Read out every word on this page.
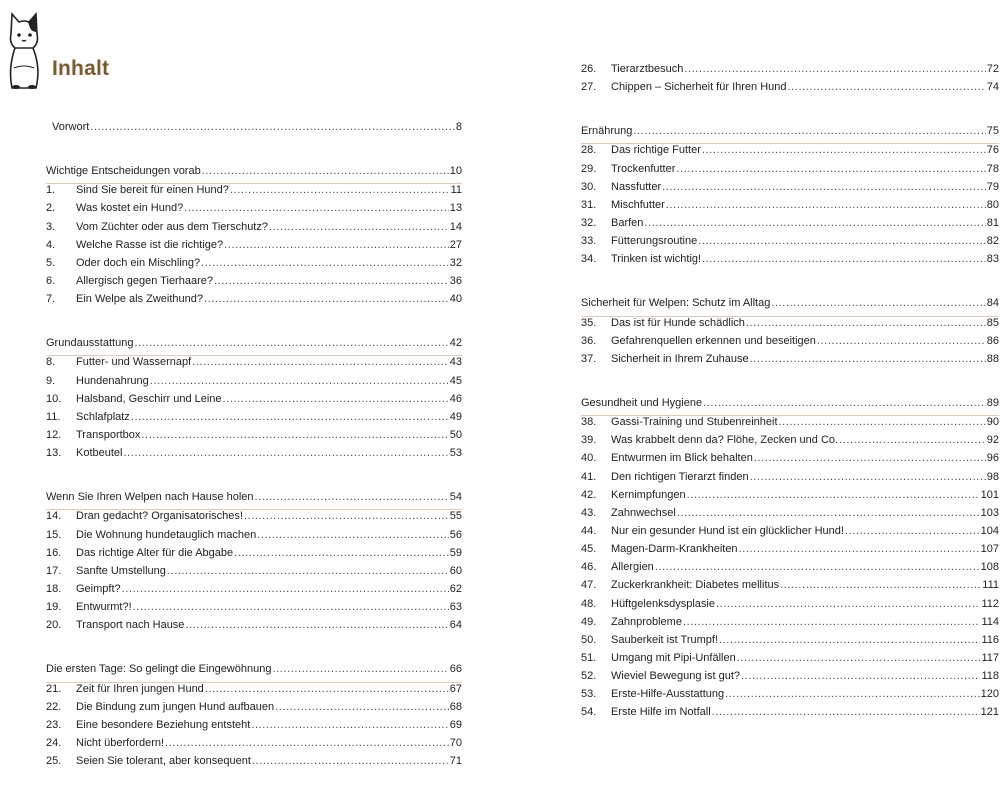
Inhalt
Vorwort .....	8
Wichtige Entscheidungen vorab .....	10
1.	Sind Sie bereit für einen Hund? .....	11
2.	Was kostet ein Hund? .....	13
3.	Vom Züchter oder aus dem Tierschutz? .....	14
4.	Welche Rasse ist die richtige? .....	27
5.	Oder doch ein Mischling? .....	32
6.	Allergisch gegen Tierhaare? .....	36
7.	Ein Welpe als Zweithund? .....	40
Grundausstattung .....	42
8.	Futter- und Wassernapf .....	43
9.	Hundenahrung .....	45
10.	Halsband, Geschirr und Leine .....	46
11.	Schlafplatz .....	49
12.	Transportbox .....	50
13.	Kotbeutel .....	53
Wenn Sie Ihren Welpen nach Hause holen .....	54
14.	Dran gedacht? Organisatorisches! .....	55
15.	Die Wohnung hundetauglich machen .....	56
16.	Das richtige Alter für die Abgabe .....	59
17.	Sanfte Umstellung .....	60
18.	Geimpft? .....	62
19.	Entwurmt?! .....	63
20.	Transport nach Hause .....	64
Die ersten Tage: So gelingt die Eingewöhnung .....	66
21.	Zeit für Ihren jungen Hund .....	67
22.	Die Bindung zum jungen Hund aufbauen .....	68
23.	Eine besondere Beziehung entsteht .....	69
24.	Nicht überfordern! .....	70
25.	Seien Sie tolerant, aber konsequent .....	71
26.	Tierarztbesuch .....	72
27.	Chippen – Sicherheit für Ihren Hund .....	74
Ernährung .....	75
28.	Das richtige Futter .....	76
29.	Trockenfutter .....	78
30.	Nassfutter .....	79
31.	Mischfutter .....	80
32.	Barfen .....	81
33.	Fütterungsroutine .....	82
34.	Trinken ist wichtig! .....	83
Sicherheit für Welpen: Schutz im Alltag .....	84
35.	Das ist für Hunde schädlich .....	85
36.	Gefahrenquellen erkennen und beseitigen .....	86
37.	Sicherheit in Ihrem Zuhause .....	88
Gesundheit und Hygiene .....	89
38.	Gassi-Training und Stubenreinheit .....	90
39.	Was krabbelt denn da? Flöhe, Zecken und Co. .....	92
40.	Entwurmen im Blick behalten .....	96
41.	Den richtigen Tierarzt finden .....	98
42.	Kernimpfungen .....	101
43.	Zahnwechsel .....	103
44.	Nur ein gesunder Hund ist ein glücklicher Hund! .....	104
45.	Magen-Darm-Krankheiten .....	107
46.	Allergien .....	108
47.	Zuckerkrankheit: Diabetes mellitus .....	111
48.	Hüftgelenksdysplasie .....	112
49.	Zahnprobleme .....	114
50.	Sauberkeit ist Trumpf! .....	116
51.	Umgang mit Pipi-Unfällen .....	117
52.	Wieviel Bewegung ist gut? .....	118
53.	Erste-Hilfe-Ausstattung .....	120
54.	Erste Hilfe im Notfall .....	121
